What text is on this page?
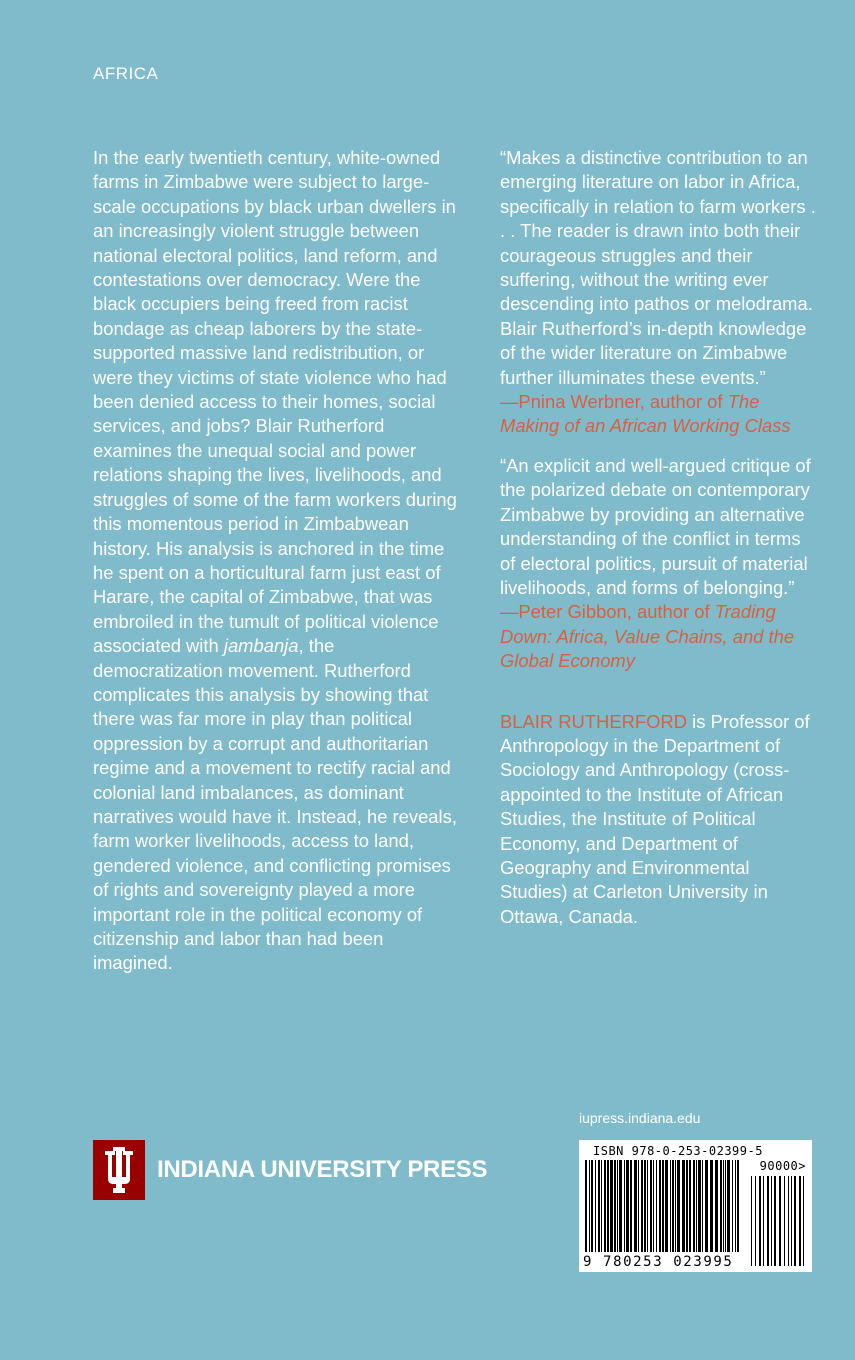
AFRICA
In the early twentieth century, white-owned farms in Zimbabwe were subject to large-scale occupations by black urban dwellers in an increasingly violent struggle between national electoral politics, land reform, and contestations over democracy. Were the black occupiers being freed from racist bondage as cheap laborers by the state-supported massive land redistribution, or were they victims of state violence who had been denied access to their homes, social services, and jobs? Blair Rutherford examines the unequal social and power relations shaping the lives, livelihoods, and struggles of some of the farm workers during this momentous period in Zimbabwean history. His analysis is anchored in the time he spent on a horticultural farm just east of Harare, the capital of Zimbabwe, that was embroiled in the tumult of political violence associated with jambanja, the democratization movement. Rutherford complicates this analysis by showing that there was far more in play than political oppression by a corrupt and authoritarian regime and a movement to rectify racial and colonial land imbalances, as dominant narratives would have it. Instead, he reveals, farm worker livelihoods, access to land, gendered violence, and conflicting promises of rights and sovereignty played a more important role in the political economy of citizenship and labor than had been imagined.
“Makes a distinctive contribution to an emerging literature on labor in Africa, specifically in relation to farm workers . . . The reader is drawn into both their courageous struggles and their suffering, without the writing ever descending into pathos or melodrama. Blair Rutherford’s in-depth knowledge of the wider literature on Zimbabwe further illuminates these events.”
—Pnina Werbner, author of The Making of an African Working Class
“An explicit and well-argued critique of the polarized debate on contemporary Zimbabwe by providing an alternative understanding of the conflict in terms of electoral politics, pursuit of material livelihoods, and forms of belonging.”
—Peter Gibbon, author of Trading Down: Africa, Value Chains, and the Global Economy
BLAIR RUTHERFORD is Professor of Anthropology in the Department of Sociology and Anthropology (cross-appointed to the Institute of African Studies, the Institute of Political Economy, and Department of Geography and Environmental Studies) at Carleton University in Ottawa, Canada.
iupress.indiana.edu
INDIANA UNIVERSITY PRESS
ISBN 978-0-253-02399-5
90000>
9 780253 023995
